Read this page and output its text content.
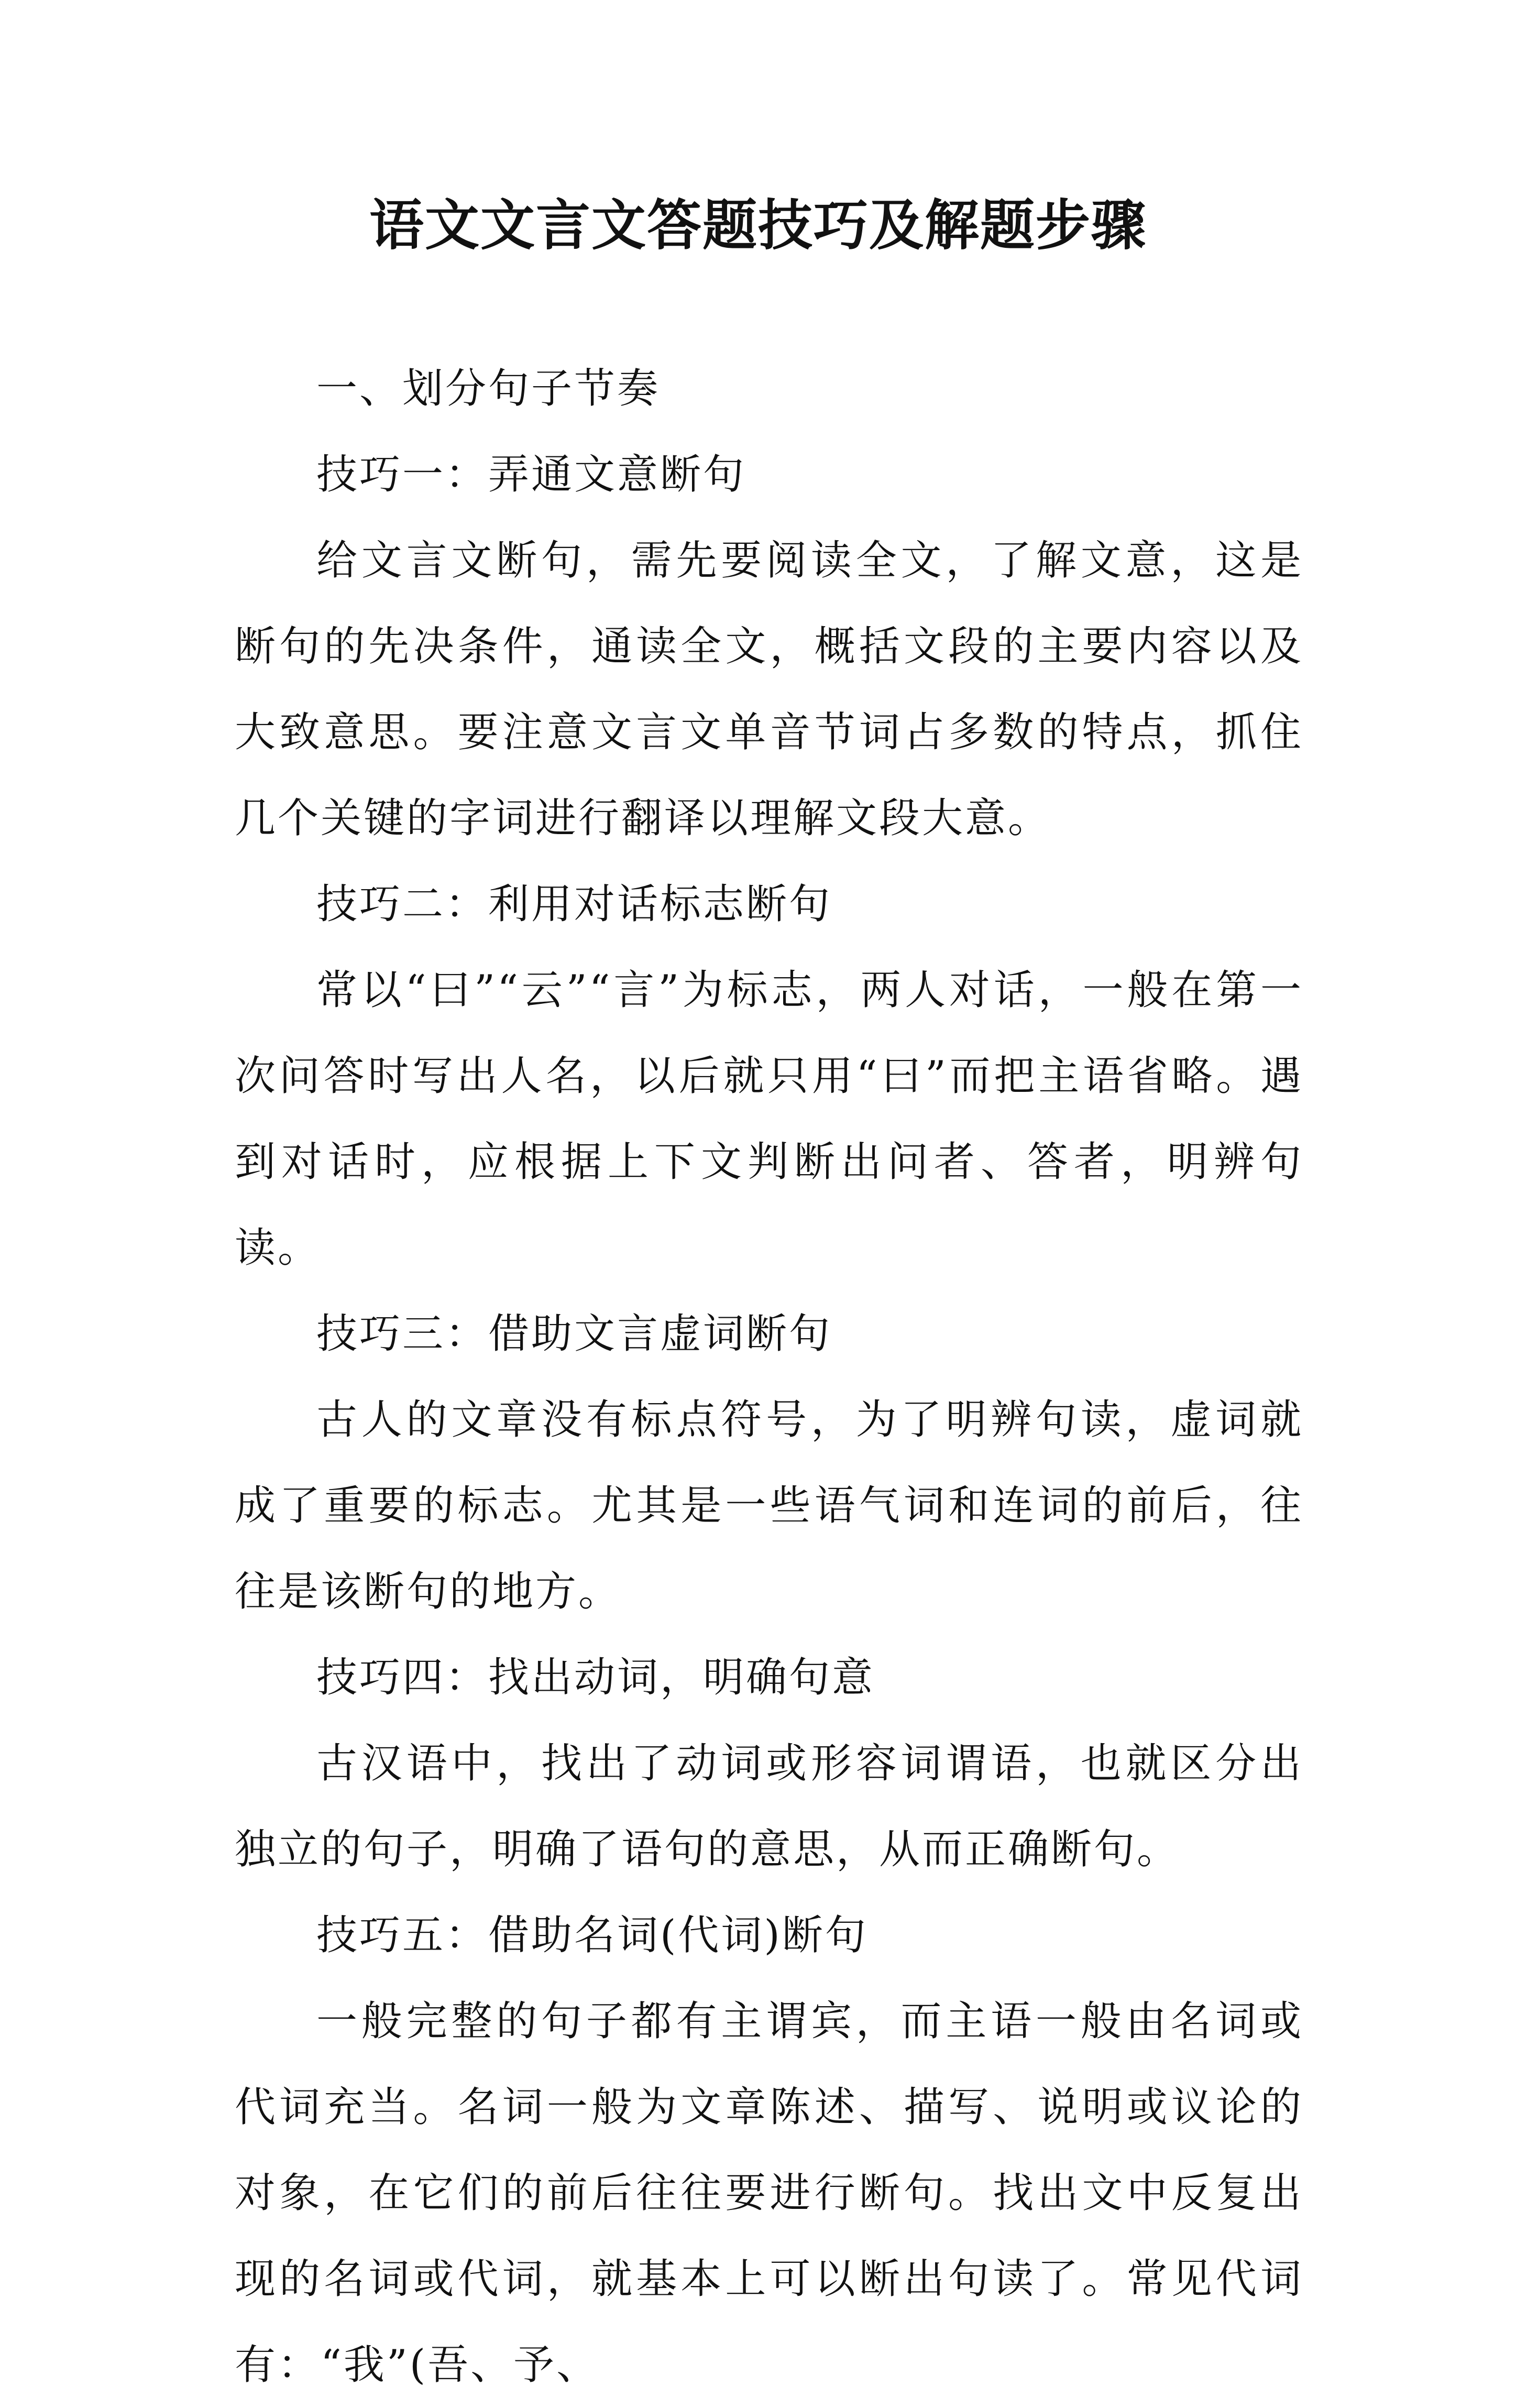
语文文言文答题技巧及解题步骤

一、划分句子节奏

技巧一：弄通文意断句

给文言文断句，需先要阅读全文，了解文意，这是断句的先决条件，通读全文，概括文段的主要内容以及大致意思。要注意文言文单音节词占多数的特点，抓住几个关键的字词进行翻译以理解文段大意。

技巧二：利用对话标志断句

常以“曰”“云”“言”为标志，两人对话，一般在第一次问答时写出人名，以后就只用“曰”而把主语省略。遇到对话时，应根据上下文判断出问者、答者，明辨句读。

技巧三：借助文言虚词断句

古人的文章没有标点符号，为了明辨句读，虚词就成了重要的标志。尤其是一些语气词和连词的前后，往往是该断句的地方。

技巧四：找出动词，明确句意

古汉语中，找出了动词或形容词谓语，也就区分出独立的句子，明确了语句的意思，从而正确断句。

技巧五：借助名词(代词)断句

一般完整的句子都有主谓宾，而主语一般由名词或代词充当。名词一般为文章陈述、描写、说明或议论的对象，在它们的前后往往要进行断句。找出文中反复出现的名词或代词，就基本上可以断出句读了。常见代词有：“我”(吾、予、
